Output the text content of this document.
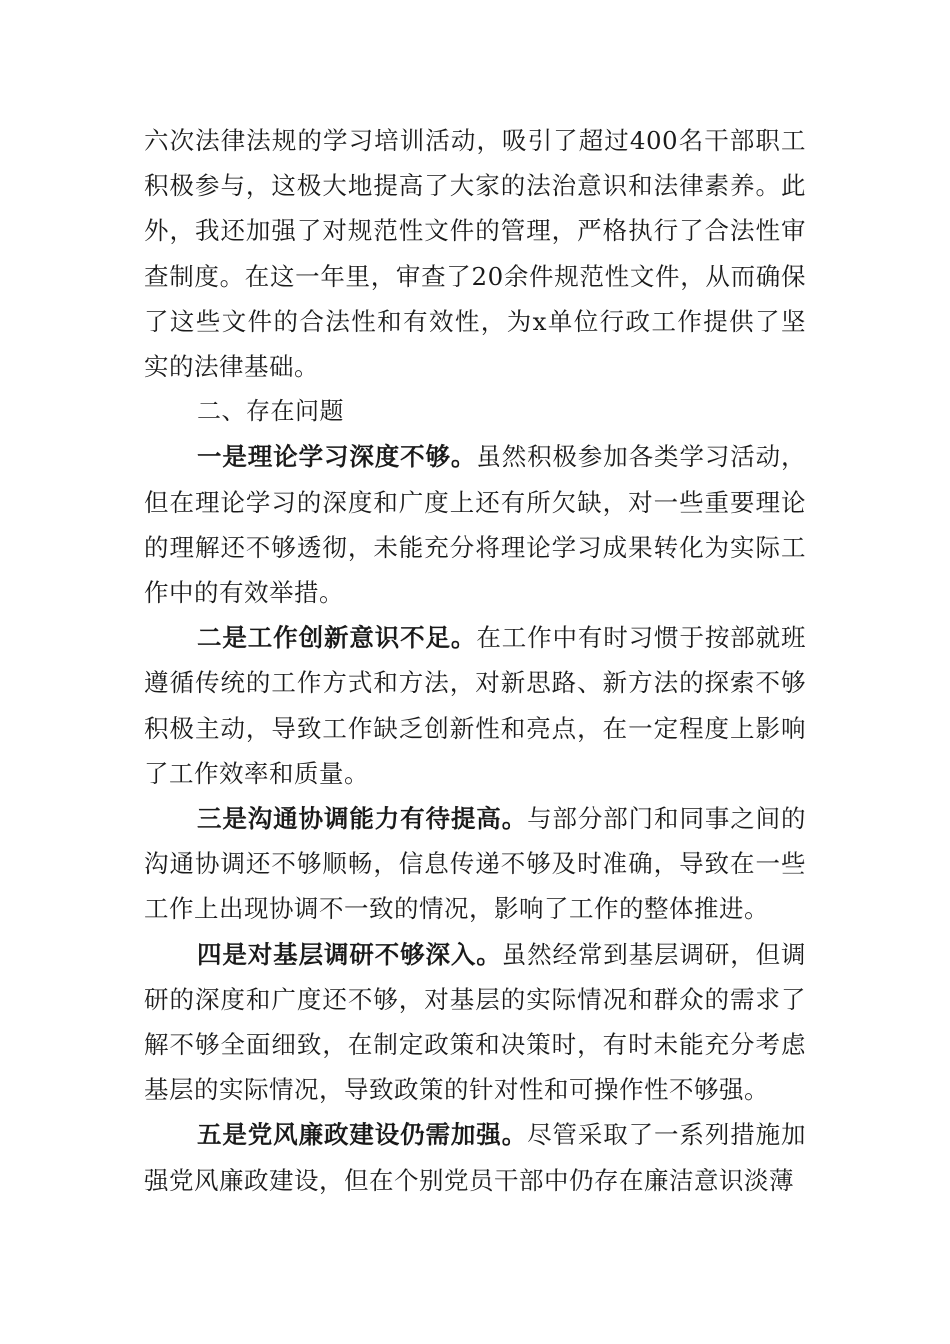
六次法律法规的学习培训活动，吸引了超过400名干部职工积极参与，这极大地提高了大家的法治意识和法律素养。此外，我还加强了对规范性文件的管理，严格执行了合法性审查制度。在这一年里，审查了20余件规范性文件，从而确保了这些文件的合法性和有效性，为x单位行政工作提供了坚实的法律基础。

二、存在问题

一是理论学习深度不够。虽然积极参加各类学习活动，但在理论学习的深度和广度上还有所欠缺，对一些重要理论的理解还不够透彻，未能充分将理论学习成果转化为实际工作中的有效举措。

二是工作创新意识不足。在工作中有时习惯于按部就班遵循传统的工作方式和方法，对新思路、新方法的探索不够积极主动，导致工作缺乏创新性和亮点，在一定程度上影响了工作效率和质量。

三是沟通协调能力有待提高。与部分部门和同事之间的沟通协调还不够顺畅，信息传递不够及时准确，导致在一些工作上出现协调不一致的情况，影响了工作的整体推进。

四是对基层调研不够深入。虽然经常到基层调研，但调研的深度和广度还不够，对基层的实际情况和群众的需求了解不够全面细致，在制定政策和决策时，有时未能充分考虑基层的实际情况，导致政策的针对性和可操作性不够强。

五是党风廉政建设仍需加强。尽管采取了一系列措施加强党风廉政建设，但在个别党员干部中仍存在廉洁意识淡薄
